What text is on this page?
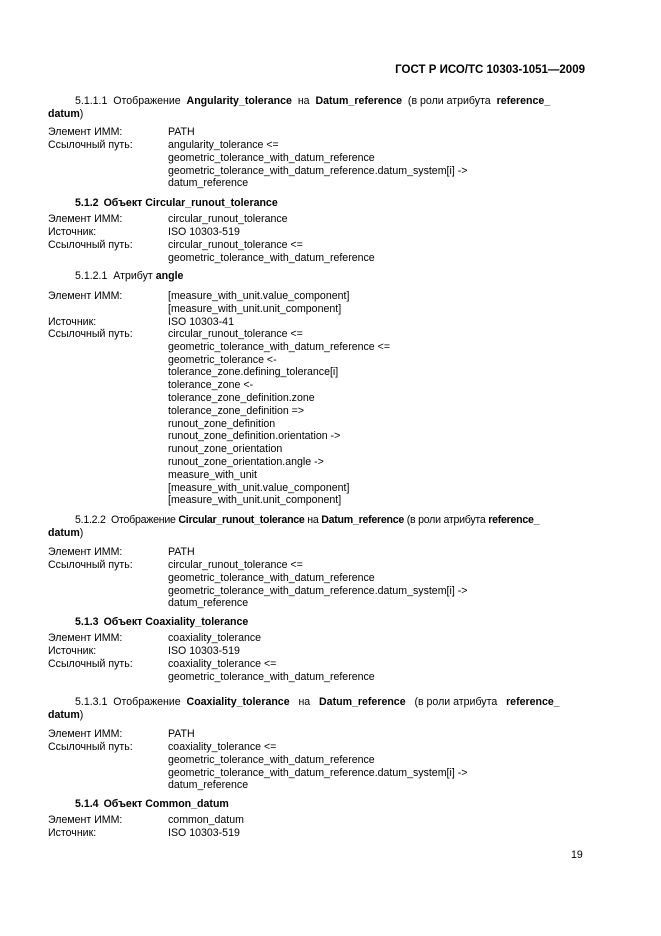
ГОСТ Р ИСО/ТС 10303-1051—2009
5.1.1.1 Отображение Angularity_tolerance на Datum_reference (в роли атрибута reference_
datum)
Элемент ИММ:	PATH
Ссылочный путь:	angularity_tolerance <=
geometric_tolerance_with_datum_reference
geometric_tolerance_with_datum_reference.datum_system[i] ->
datum_reference
5.1.2 Объект Circular_runout_tolerance
Элемент ИММ:	circular_runout_tolerance
Источник:	ISO 10303-519
Ссылочный путь:	circular_runout_tolerance <=
geometric_tolerance_with_datum_reference
5.1.2.1 Атрибут angle
Элемент ИММ:	[measure_with_unit.value_component]
[measure_with_unit.unit_component]
Источник:	ISO 10303-41
Ссылочный путь:	circular_runout_tolerance <=
geometric_tolerance_with_datum_reference <=
geometric_tolerance <-
tolerance_zone.defining_tolerance[i]
tolerance_zone <-
tolerance_zone_definition.zone
tolerance_zone_definition =>
runout_zone_definition
runout_zone_definition.orientation ->
runout_zone_orientation
runout_zone_orientation.angle ->
measure_with_unit
[measure_with_unit.value_component]
[measure_with_unit.unit_component]
5.1.2.2 Отображение Circular_runout_tolerance на Datum_reference (в роли атрибута reference_
datum)
Элемент ИММ:	PATH
Ссылочный путь:	circular_runout_tolerance <=
geometric_tolerance_with_datum_reference
geometric_tolerance_with_datum_reference.datum_system[i] ->
datum_reference
5.1.3 Объект Coaxiality_tolerance
Элемент ИММ:	coaxiality_tolerance
Источник:	ISO 10303-519
Ссылочный путь:	coaxiality_tolerance <=
geometric_tolerance_with_datum_reference
5.1.3.1 Отображение Coaxiality_tolerance на Datum_reference (в роли атрибута reference_
datum)
Элемент ИММ:	PATH
Ссылочный путь:	coaxiality_tolerance <=
geometric_tolerance_with_datum_reference
geometric_tolerance_with_datum_reference.datum_system[i] ->
datum_reference
5.1.4 Объект Common_datum
Элемент ИММ:	common_datum
Источник:	ISO 10303-519
19
